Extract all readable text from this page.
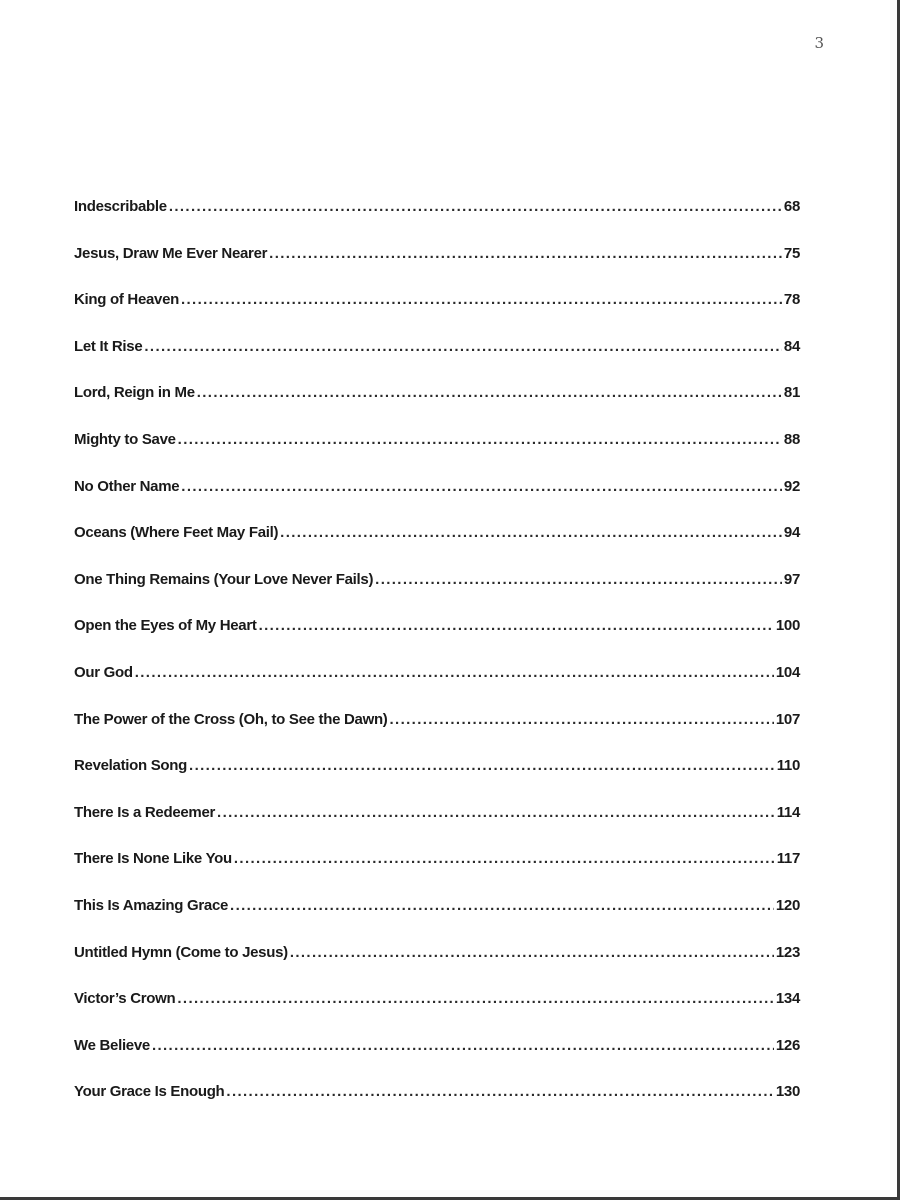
3
Indescribable . . .	68
Jesus, Draw Me Ever Nearer . . .	75
King of Heaven . . .	78
Let It Rise . . .	84
Lord, Reign in Me . . .	81
Mighty to Save . . .	88
No Other Name . . .	92
Oceans (Where Feet May Fail) . . .	94
One Thing Remains (Your Love Never Fails) . . .	97
Open the Eyes of My Heart . . .	100
Our God . . .	104
The Power of the Cross (Oh, to See the Dawn) . . .	107
Revelation Song . . .	110
There Is a Redeemer . . .	114
There Is None Like You . . .	117
This Is Amazing Grace . . .	120
Untitled Hymn (Come to Jesus) . . .	123
Victor’s Crown . . .	134
We Believe . . .	126
Your Grace Is Enough . . .	130
